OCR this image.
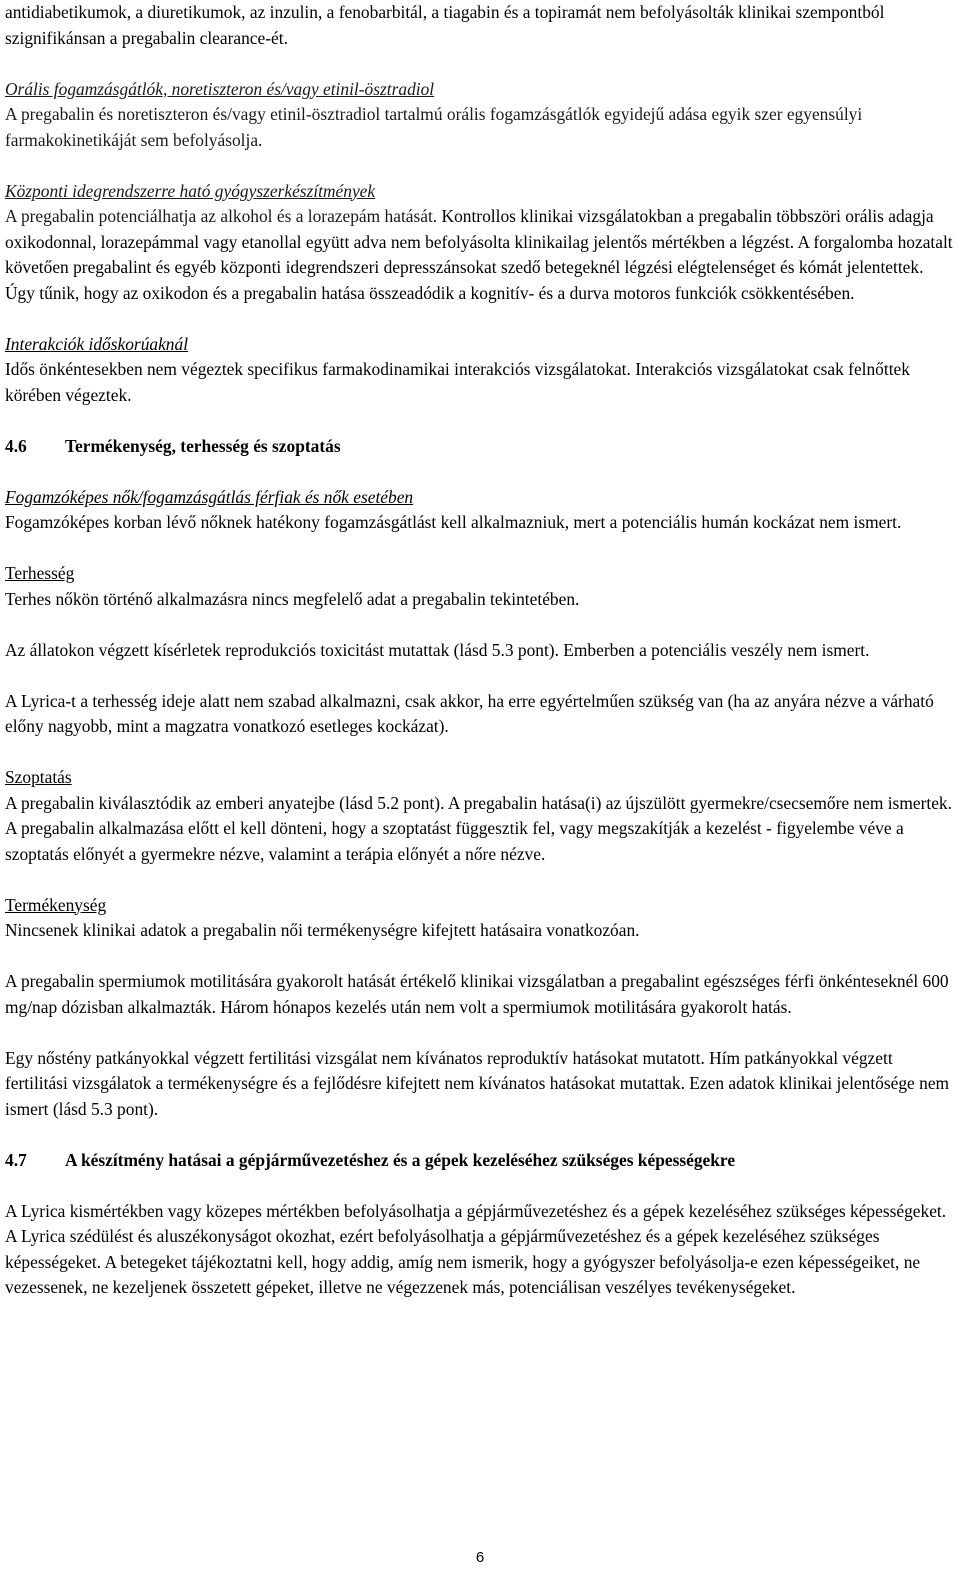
antidiabetikumok, a diuretikumok, az inzulin, a fenobarbitál, a tiagabin és a topiramát nem befolyásolták klinikai szempontból szignifikánsan a pregabalin clearance-ét.

Orális fogamzásgátlók, noretiszteron és/vagy etinil-ösztradiol

A pregabalin és noretiszteron és/vagy etinil-ösztradiol tartalmú orális fogamzásgátlók egyidejű adása egyik szer egyensúlyi farmakokinetikáját sem befolyásolja.

Központi idegrendszerre ható gyógyszerkészítmények

A pregabalin potenciálhatja az alkohol és a lorazepám hatását. Kontrollos klinikai vizsgálatokban a pregabalin többszöri orális adagja oxikodonnal, lorazepámmal vagy etanollal együtt adva nem befolyásolta klinikailag jelentős mértékben a légzést. A forgalomba hozatalt követően pregabalint és egyéb központi idegrendszeri depresszánsokat szedő betegeknél légzési elégtelenséget és kómát jelentettek. Úgy tűnik, hogy az oxikodon és a pregabalin hatása összeadódik a kognitív- és a durva motoros funkciók csökkentésében.

Interakciók időskorúaknál

Idős önkéntesekben nem végeztek specifikus farmakodinamikai interakciós vizsgálatokat. Interakciós vizsgálatokat csak felnőttek körében végeztek.

4.6 Termékenység, terhesség és szoptatás

Fogamzóképes nők/fogamzásgátlás férfiak és nők esetében

Fogamzóképes korban lévő nőknek hatékony fogamzásgátlást kell alkalmazniuk, mert a potenciális humán kockázat nem ismert.

Terhesség

Terhes nőkön történő alkalmazásra nincs megfelelő adat a pregabalin tekintetében.

Az állatokon végzett kísérletek reprodukciós toxicitást mutattak (lásd 5.3 pont). Emberben a potenciális veszély nem ismert.

A Lyrica-t a terhesség ideje alatt nem szabad alkalmazni, csak akkor, ha erre egyértelműen szükség van (ha az anyára nézve a várható előny nagyobb, mint a magzatra vonatkozó esetleges kockázat).

Szoptatás

A pregabalin kiválasztódik az emberi anyatejbe (lásd 5.2 pont). A pregabalin hatása(i) az újszülött gyermekre/csecsemőre nem ismertek. A pregabalin alkalmazása előtt el kell dönteni, hogy a szoptatást függesztik fel, vagy megszakítják a kezelést - figyelembe véve a szoptatás előnyét a gyermekre nézve, valamint a terápia előnyét a nőre nézve.

Termékenység

Nincsenek klinikai adatok a pregabalin női termékenységre kifejtett hatásaira vonatkozóan.

A pregabalin spermiumok motilitására gyakorolt hatását értékelő klinikai vizsgálatban a pregabalint egészséges férfi önkénteseknél 600 mg/nap dózisban alkalmazták. Három hónapos kezelés után nem volt a spermiumok motilitására gyakorolt hatás.

Egy nőstény patkányokkal végzett fertilitási vizsgálat nem kívánatos reproduktív hatásokat mutatott. Hím patkányokkal végzett fertilitási vizsgálatok a termékenységre és a fejlődésre kifejtett nem kívánatos hatásokat mutattak. Ezen adatok klinikai jelentősége nem ismert (lásd 5.3 pont).

4.7 A készítmény hatásai a gépjárművezetéshez és a gépek kezeléséhez szükséges képességekre

A Lyrica kismértékben vagy közepes mértékben befolyásolhatja a gépjárművezetéshez és a gépek kezeléséhez szükséges képességeket. A Lyrica szédülést és aluszékonyságot okozhat, ezért befolyásolhatja a gépjárművezetéshez és a gépek kezeléséhez szükséges képességeket. A betegeket tájékoztatni kell, hogy addig, amíg nem ismerik, hogy a gyógyszer befolyásolja-e ezen képességeiket, ne vezessenek, ne kezeljenek összetett gépeket, illetve ne végezzenek más, potenciálisan veszélyes tevékenységeket.

6
